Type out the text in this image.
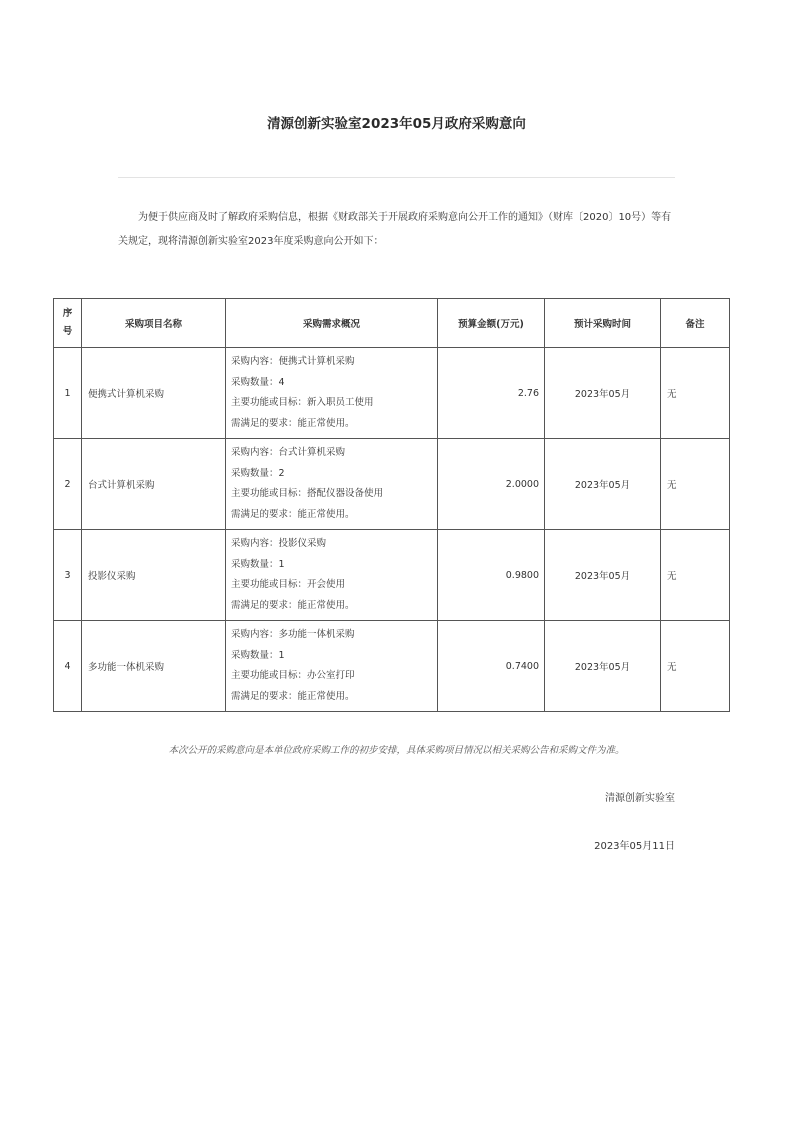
清源创新实验室2023年05月政府采购意向

为便于供应商及时了解政府采购信息，根据《财政部关于开展政府采购意向公开工作的通知》（财库〔2020〕10号）等有关规定，现将清源创新实验室2023年度采购意向公开如下：

序
号	采购项目名称	采购需求概况	预算金额(万元)	预计采购时间	备注
1	便携式计算机采购	采购内容：便携式计算机采购
采购数量：4
主要功能或目标：新入职员工使用
需满足的要求：能正常使用。	2.76	2023年05月	无
2	台式计算机采购	采购内容：台式计算机采购
采购数量：2
主要功能或目标：搭配仪器设备使用
需满足的要求：能正常使用。	2.0000	2023年05月	无
3	投影仪采购	采购内容：投影仪采购
采购数量：1
主要功能或目标：开会使用
需满足的要求：能正常使用。	0.9800	2023年05月	无
4	多功能一体机采购	采购内容：多功能一体机采购
采购数量：1
主要功能或目标：办公室打印
需满足的要求：能正常使用。	0.7400	2023年05月	无

本次公开的采购意向是本单位政府采购工作的初步安排，具体采购项目情况以相关采购公告和采购文件为准。

清源创新实验室

2023年05月11日
